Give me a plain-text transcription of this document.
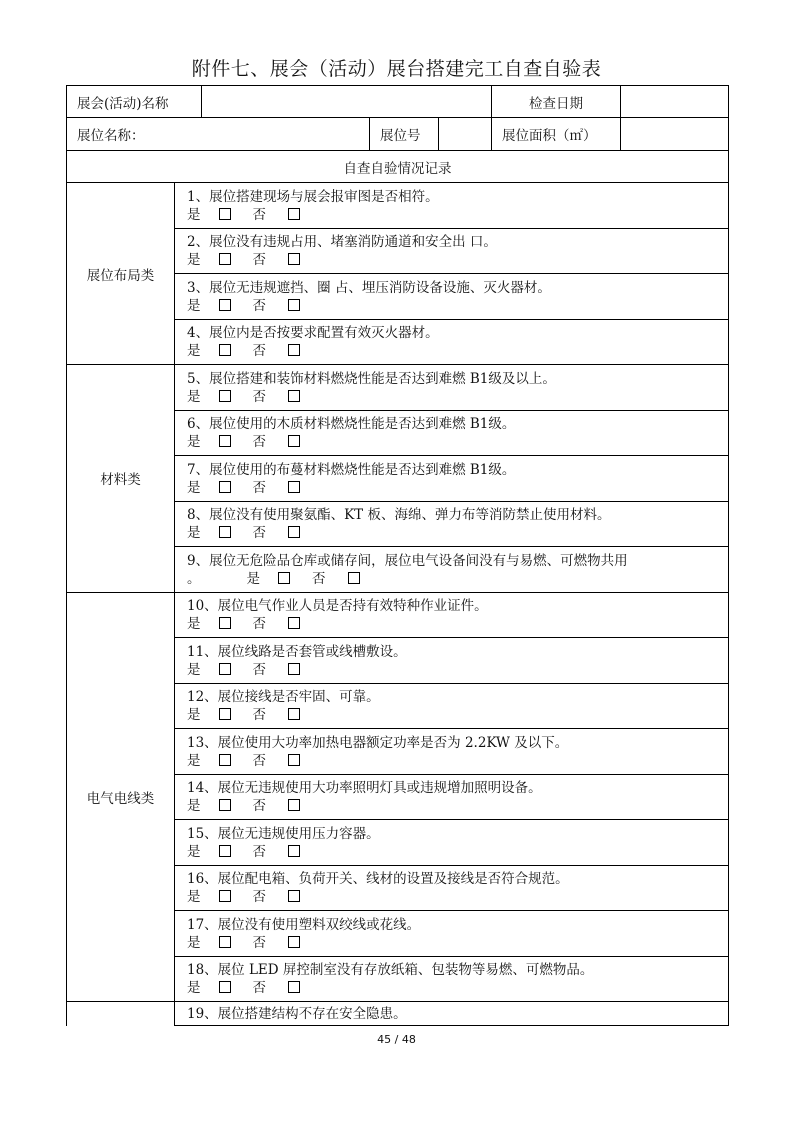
附件七、展会（活动）展台搭建完工自查自验表
展会(活动)名称					检查日期	
展位名称：			展位号		展位面积（㎡）	
自查自验情况记录						
展位布局类	1、展位搭建现场与展会报审图是否相符。
是 否					

	2、展位没有违规占用、堵塞消防通道和安全出 口。
是 否					

	3、展位无违规遮挡、圈 占、埋压消防设备设施、灭火器材。
是 否					

	4、展位内是否按要求配置有效灭火器材。
是 否					

材料类	5、展位搭建和装饰材料燃烧性能是否达到难燃 B1级及以上。
是 否					

	6、展位使用的木质材料燃烧性能是否达到难燃 B1级。
是 否					

	7、展位使用的布蔓材料燃烧性能是否达到难燃 B1级。
是 否					

	8、展位没有使用聚氨酯、KT 板、海绵、弹力布等消防禁止使用材料。
是 否					

	9、展位无危险品仓库或储存间，展位电气设备间没有与易燃、可燃物共用
。 是 否					

电气电线类	10、展位电气作业人员是否持有效特种作业证件。
是 否					

	11、展位线路是否套管或线槽敷设。
是 否					

	12、展位接线是否牢固、可靠。
是 否					

	13、展位使用大功率加热电器额定功率是否为 2.2KW 及以下。
是 否					

	14、展位无违规使用大功率照明灯具或违规增加照明设备。
是 否					

	15、展位无违规使用压力容器。
是 否					

	16、展位配电箱、负荷开关、线材的设置及接线是否符合规范。
是 否					

	17、展位没有使用塑料双绞线或花线。
是 否					

	18、展位 LED 屏控制室没有存放纸箱、包装物等易燃、可燃物品。
是 否					

	19、展位搭建结构不存在安全隐患。					
45 / 48
